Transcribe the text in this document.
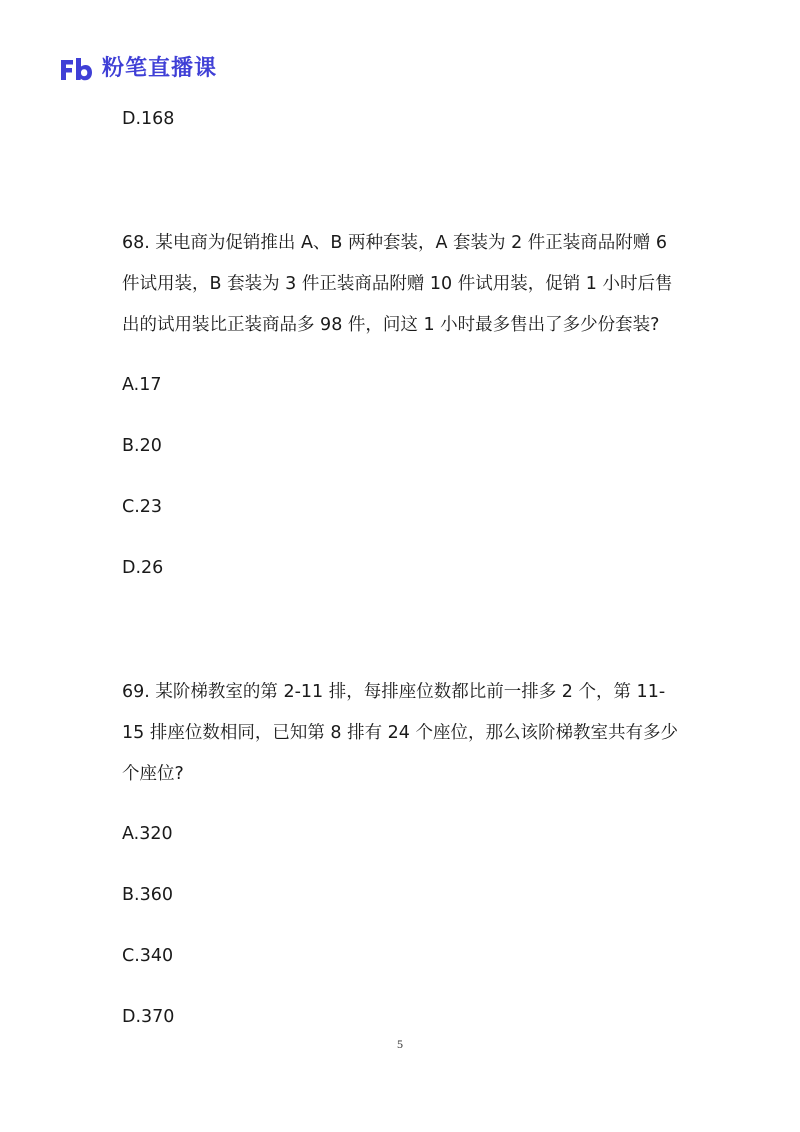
粉笔直播课
D.168
68. 某电商为促销推出 A、B 两种套装，A 套装为 2 件正装商品附赠 6
件试用装，B 套装为 3 件正装商品附赠 10 件试用装，促销 1 小时后售
出的试用装比正装商品多 98 件，问这 1 小时最多售出了多少份套装?
A.17
B.20
C.23
D.26
69. 某阶梯教室的第 2-11 排，每排座位数都比前一排多 2 个，第 11-
15 排座位数相同，已知第 8 排有 24 个座位，那么该阶梯教室共有多少
个座位?
A.320
B.360
C.340
D.370
5
